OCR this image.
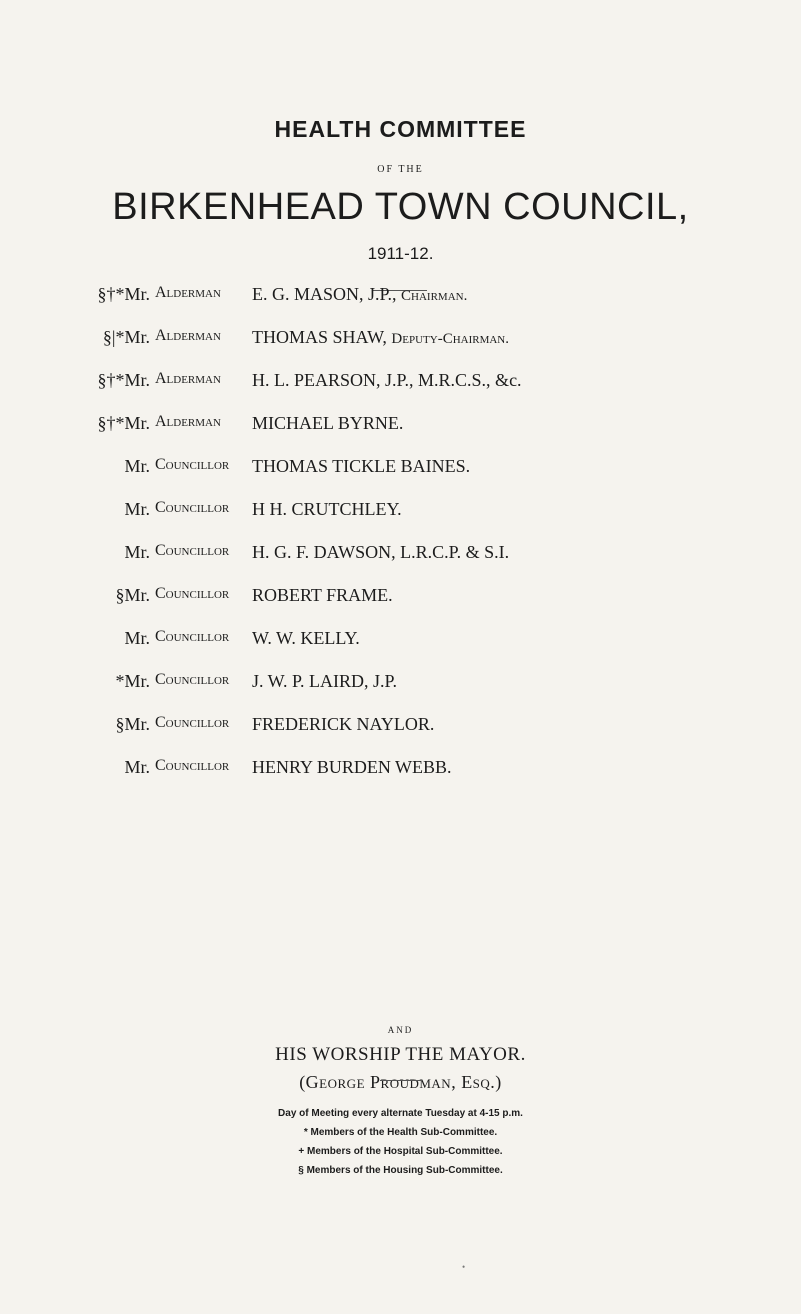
HEALTH COMMITTEE
OF THE
BIRKENHEAD TOWN COUNCIL,
1911-12.
§†*Mr. Alderman E. G. MASON, J.P., Chairman.
§|*Mr. Alderman THOMAS SHAW, Deputy-Chairman.
§†*Mr. Alderman H. L. PEARSON, J.P., M.R.C.S., &c.
§†*Mr. Alderman MICHAEL BYRNE.
Mr. Councillor THOMAS TICKLE BAINES.
Mr. Councillor H H. CRUTCHLEY.
Mr. Councillor H. G. F. DAWSON, L.R.C.P. & S.I.
§Mr. Councillor ROBERT FRAME.
Mr. Councillor W. W. KELLY.
*Mr. Councillor J. W. P. LAIRD, J.P.
§Mr. Councillor FREDERICK NAYLOR.
Mr. Councillor HENRY BURDEN WEBB.
AND
HIS WORSHIP THE MAYOR.
(George Proudman, Esq.)
Day of Meeting every alternate Tuesday at 4-15 p.m.
* Members of the Health Sub-Committee.
+ Members of the Hospital Sub-Committee.
§ Members of the Housing Sub-Committee.
•
